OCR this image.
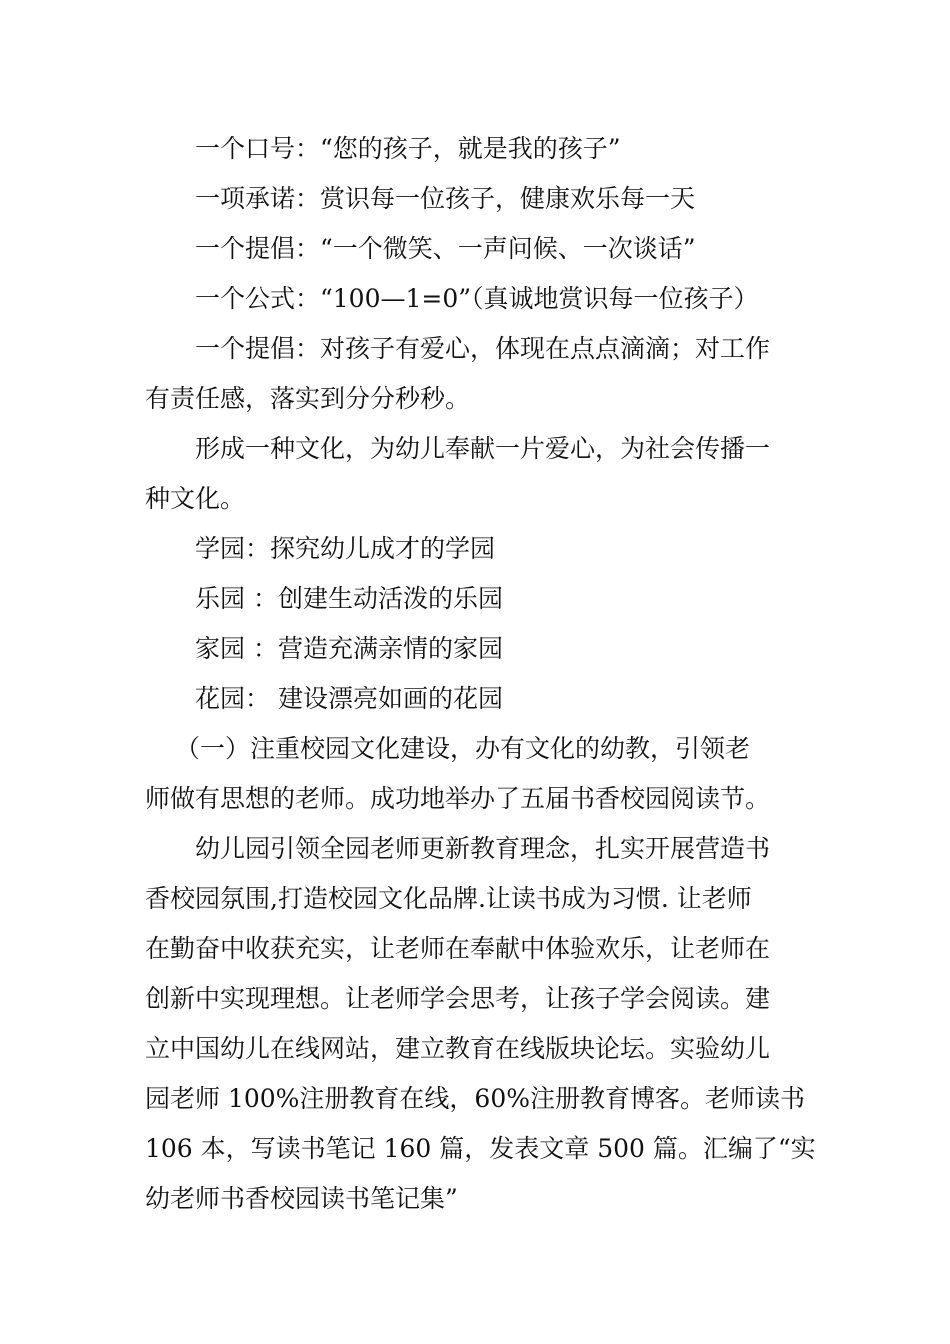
一个口号：“您的孩子，就是我的孩子”
一项承诺：赏识每一位孩子，健康欢乐每一天
一个提倡：“一个微笑、一声问候、一次谈话”
一个公式：“100—1=0”（真诚地赏识每一位孩子）
一个提倡：对孩子有爱心，体现在点点滴滴；对工作
有责任感，落实到分分秒秒。
形成一种文化，为幼儿奉献一片爱心，为社会传播一
种文化。
学园：探究幼儿成才的学园
乐园 ：创建生动活泼的乐园
家园 ：营造充满亲情的家园
花园： 建设漂亮如画的花园
（一）注重校园文化建设，办有文化的幼教，引领老
师做有思想的老师。成功地举办了五届书香校园阅读节。
幼儿园引领全园老师更新教育理念，扎实开展营造书
香校园氛围,打造校园文化品牌.让读书成为习惯. 让老师
在勤奋中收获充实，让老师在奉献中体验欢乐，让老师在
创新中实现理想。让老师学会思考，让孩子学会阅读。建
立中国幼儿在线网站，建立教育在线版块论坛。实验幼儿
园老师 100%注册教育在线，60%注册教育博客。老师读书
106 本，写读书笔记 160 篇，发表文章 500 篇。汇编了“实
幼老师书香校园读书笔记集”
